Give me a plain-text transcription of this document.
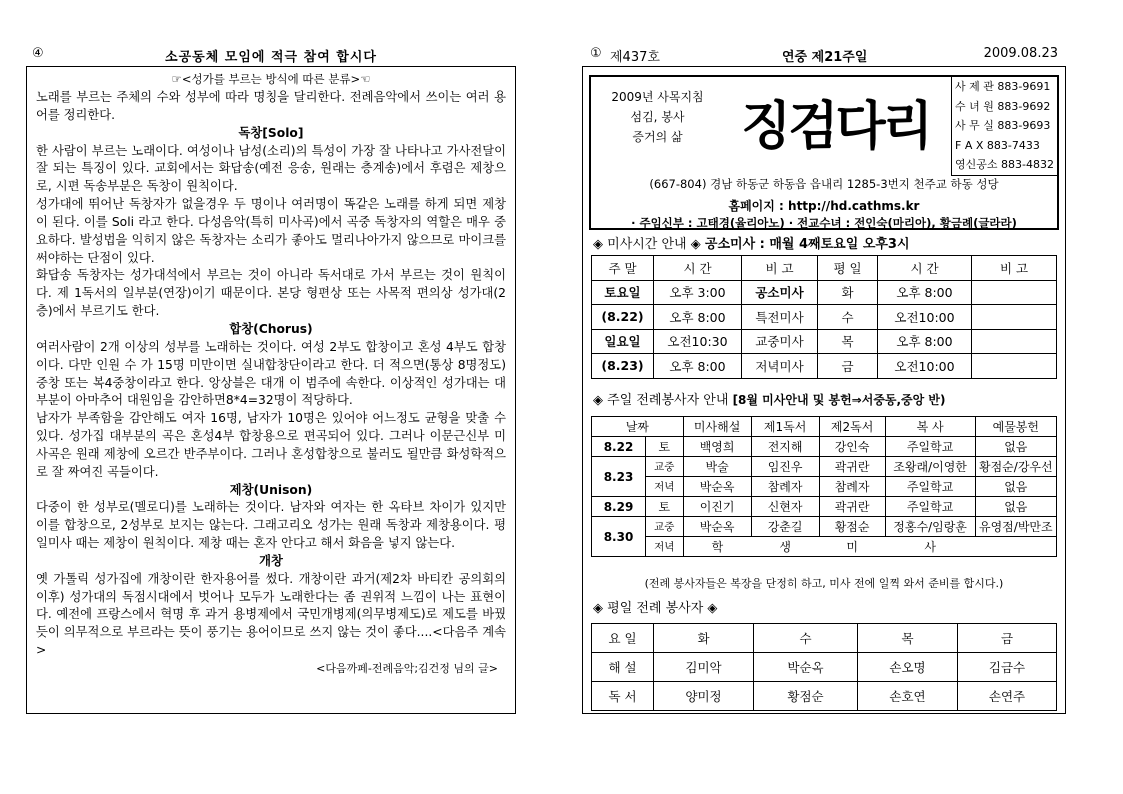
④	소공동체 모임에 적극 참여 합시다
☞<성가를 부르는 방식에 따른 분류>☜

노래를 부르는 주체의 수와 성부에 따라 명칭을 달리한다. 전례음악에서 쓰이는 여러 용어를 정리한다.

독창[Solo]

한 사람이 부르는 노래이다. 여성이나 남성(소리)의 특성이 가장 잘 나타나고 가사전달이 잘 되는 특징이 있다. 교회에서는 화답송(예전 응송, 원래는 층계송)에서 후렴은 제창으로, 시편 독송부분은 독창이 원칙이다.

성가대에 뛰어난 독창자가 없을경우 두 명이나 여러명이 똑같은 노래를 하게 되면 제창이 된다. 이를 Soli 라고 한다. 다성음악(특히 미사곡)에서 곡중 독창자의 역할은 매우 중요하다. 발성법을 익히지 않은 독창자는 소리가 좋아도 멀리나아가지 않으므로 마이크를 써야하는 단점이 있다.

화답송 독창자는 성가대석에서 부르는 것이 아니라 독서대로 가서 부르는 것이 원칙이다. 제 1독서의 일부분(연장)이기 때문이다. 본당 형편상 또는 사목적 편의상 성가대(2층)에서 부르기도 한다.

합창(Chorus)

여러사람이 2개 이상의 성부를 노래하는 것이다. 여성 2부도 합창이고 혼성 4부도 합창이다. 다만 인원 수 가 15명 미만이면 실내합창단이라고 한다. 더 적으면(통상 8명정도) 중창 또는 복4중창이라고 한다. 앙상블은 대개 이 범주에 속한다. 이상적인 성가대는 대부분이 아마추어 대원임을 감안하면8*4=32명이 적당하다.

남자가 부족함을 감안해도 여자 16명, 남자가 10명은 있어야 어느정도 균형을 맞출 수 있다. 성가집 대부분의 곡은 혼성4부 합창용으로 편곡되어 있다. 그러나 이문근신부 미사곡은 원래 제창에 오르간 반주부이다. 그러나 혼성합창으로 불러도 될만큼 화성학적으로 잘 짜여진 곡들이다.

제창(Unison)

다중이 한 성부로(멜로디)를 노래하는 것이다. 남자와 여자는 한 옥타브 차이가 있지만 이를 합창으로, 2성부로 보지는 않는다. 그래고리오 성가는 원래 독창과 제창용이다. 평일미사 때는 제창이 원칙이다. 제창 때는 혼자 안다고 해서 화음을 넣지 않는다.

개창

옛 가톨릭 성가집에 개창이란 한자용어를 썼다. 개창이란 과거(제2차 바티칸 공의회의 이후) 성가대의 독점시대에서 벗어나 모두가 노래한다는 좀 권위적 느낌이 나는 표현이다. 예전에 프랑스에서 혁명 후 과거 용병제에서 국민개병제(의무병제도)로 제도를 바꿨듯이 의무적으로 부르라는 뜻이 풍기는 용어이므로 쓰지 않는 것이 좋다....<다음주 계속>

<다음까페-전례음악;김건정 님의 글>

① 제437호	연중 제21주일	2009.08.23
2009년 사목지침
섬김, 봉사
증거의 삶	징검다리
사 제 관 883-9691
수 녀 원 883-9692
사 무 실 883-9693
F A X 883-7433
영신공소 883-4832
(667-804) 경남 하동군 하동읍 읍내리 1285-3번지 천주교 하동 성당
홈페이지 : http://hd.cathms.kr
· 주임신부 : 고태경(율리아노) · 전교수녀 : 전인숙(마리아), 황금례(글라라)
◈ 미사시간 안내 ◈ 공소미사 : 매월 4째토요일 오후3시
주 말	시 간	비 고	평 일	시 간	비 고
토요일	오후 3:00	공소미사	화	오후 8:00	
(8.22)	오후 8:00	특전미사	수	오전10:00	
일요일	오전10:30	교중미사	목	오후 8:00	
(8.23)	오후 8:00	저녁미사	금	오전10:00	
◈ 주일 전례봉사자 안내 [8월 미사안내 및 봉헌⇒서중동,중앙 반)
날짜		미사해설	제1독서	제2독서	복 사	예물봉헌
8.22	토	백영희	전지해	강인숙	주일학교	없음
8.23	교중	박술	임진우	곽귀란	조왕래/이영한	황점순/강우선
	저녁	박순옥	참례자	참례자	주일학교	없음
8.29	토	이진기	신현자	곽귀란	주일학교	없음
8.30	교중	박순옥	강춘길	황점순	정홍수/임랑훈	유영점/박만조
	저녁	학	생	미	사	
(전례 봉사자들은 복장을 단정히 하고, 미사 전에 일찍 와서 준비를 합시다.)
◈ 평일 전례 봉사자 ◈
요 일	화	수	목	금
해 설	김미악	박순옥	손오명	김금수
독 서	양미정	황점순	손호연	손연주
